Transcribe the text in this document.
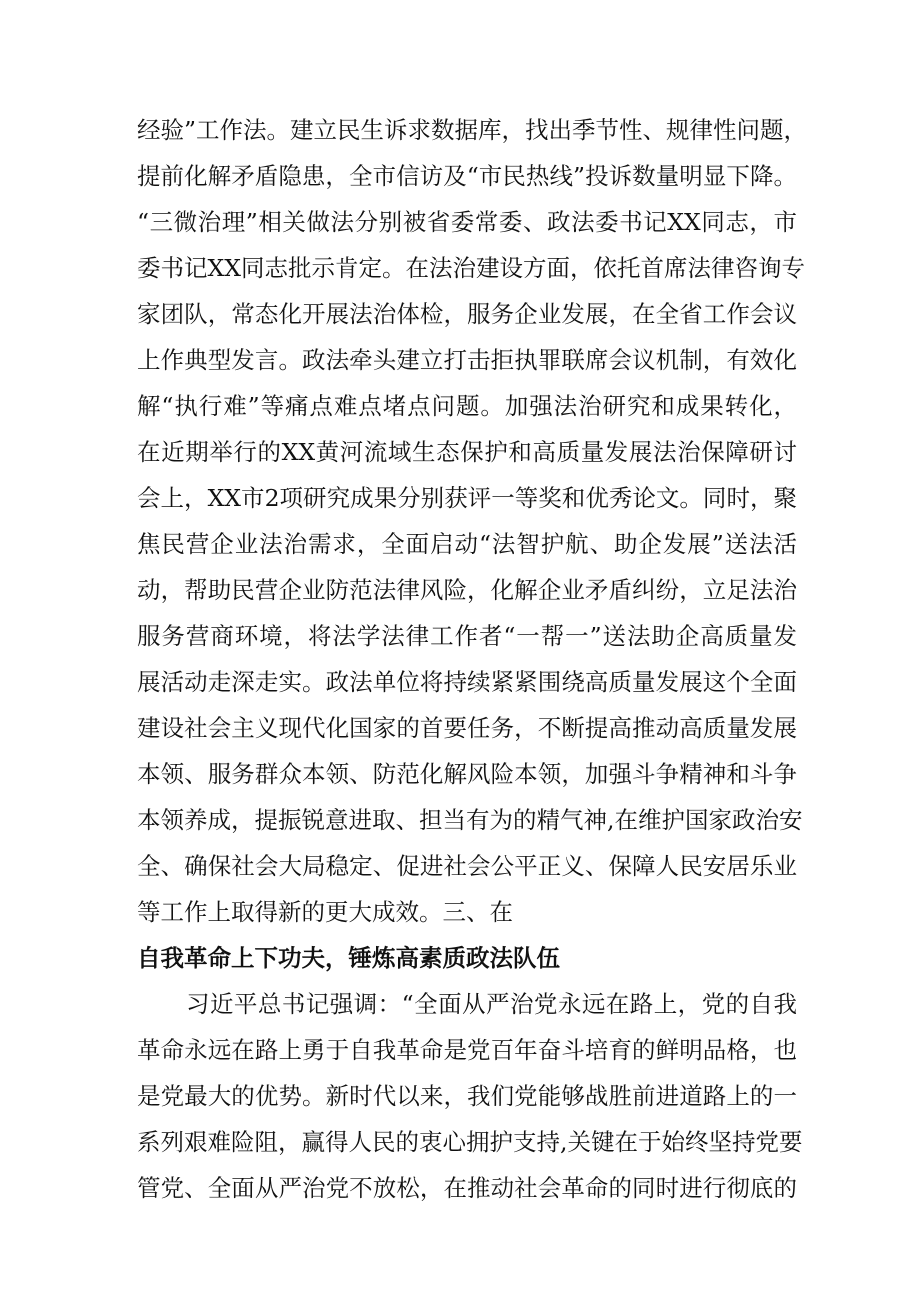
经验”工作法。建立民生诉求数据库，找出季节性、规律性问题，
提前化解矛盾隐患，全市信访及“市民热线”投诉数量明显下降。
“三微治理”相关做法分别被省委常委、政法委书记XX同志，市
委书记XX同志批示肯定。在法治建设方面，依托首席法律咨询专
家团队，常态化开展法治体检，服务企业发展，在全省工作会议
上作典型发言。政法牵头建立打击拒执罪联席会议机制，有效化
解“执行难”等痛点难点堵点问题。加强法治研究和成果转化，
在近期举行的XX黄河流域生态保护和高质量发展法治保障研讨
会上，XX市2项研究成果分别获评一等奖和优秀论文。同时，聚
焦民营企业法治需求，全面启动“法智护航、助企发展”送法活
动，帮助民营企业防范法律风险，化解企业矛盾纠纷，立足法治
服务营商环境，将法学法律工作者“一帮一”送法助企高质量发
展活动走深走实。政法单位将持续紧紧围绕高质量发展这个全面
建设社会主义现代化国家的首要任务，不断提高推动高质量发展
本领、服务群众本领、防范化解风险本领，加强斗争精神和斗争
本领养成，提振锐意进取、担当有为的精气神,在维护国家政治安
全、确保社会大局稳定、促进社会公平正义、保障人民安居乐业
等工作上取得新的更大成效。三、在
自我革命上下功夫，锤炼高素质政法队伍
习近平总书记强调：“全面从严治党永远在路上，党的自我
革命永远在路上勇于自我革命是党百年奋斗培育的鲜明品格，也
是党最大的优势。新时代以来，我们党能够战胜前进道路上的一
系列艰难险阻，赢得人民的衷心拥护支持,关键在于始终坚持党要
管党、全面从严治党不放松，在推动社会革命的同时进行彻底的
